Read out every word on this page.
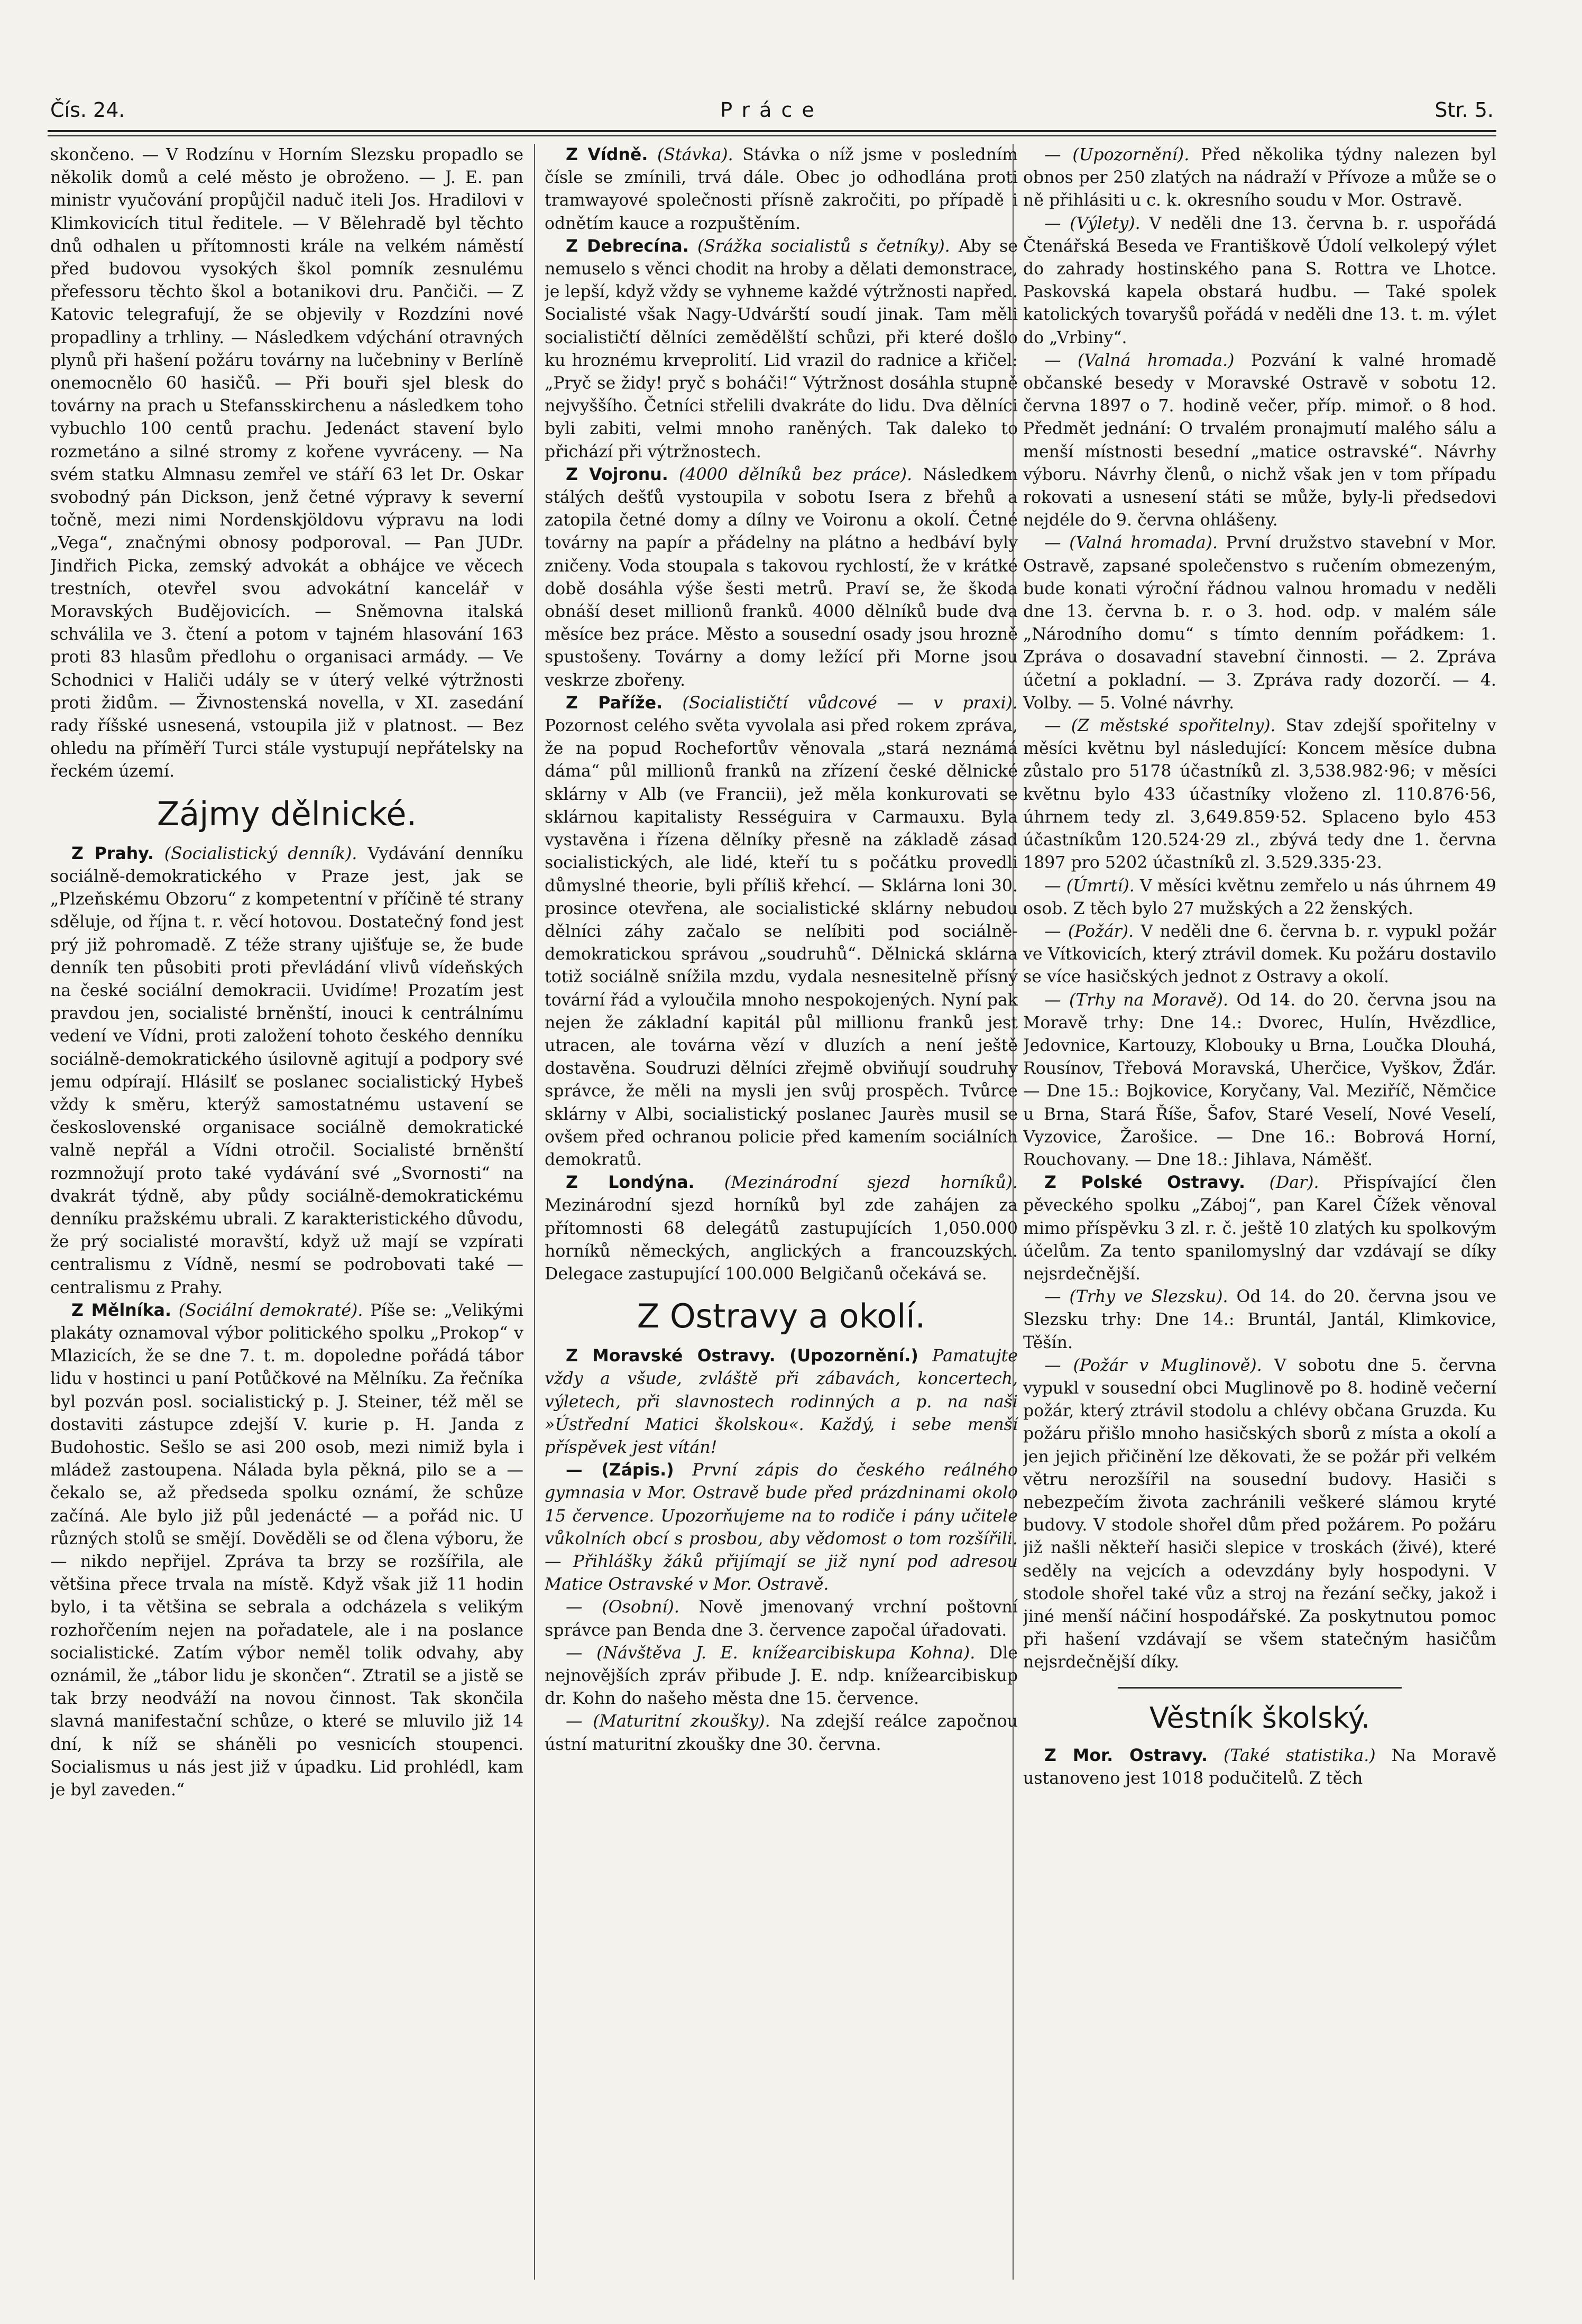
Čís. 24.	Práce	Str. 5.

skončeno. — V Rodzínu v Horním Slezsku propadlo se několik domů a celé město je obroženo. — J. E. pan ministr vyučování propůjčil naduč iteli Jos. Hradilovi v Klimkovicích titul ředitele. — V Bělehradě byl těchto dnů odhalen u přítomnosti krále na velkém náměstí před budovou vysokých škol pomník zesnulému přefessoru těchto škol a botanikovi dru. Pančiči. — Z Katovic telegrafují, že se objevily v Rozdzíni nové propadliny a trhliny. — Následkem vdýchání otravných plynů při hašení požáru továrny na lučebniny v Berlíně onemocnělo 60 hasičů. — Při bouři sjel blesk do továrny na prach u Stefansskirchenu a následkem toho vybuchlo 100 centů prachu. Jedenáct stavení bylo rozmetáno a silné stromy z kořene vyvráceny. — Na svém statku Almnasu zemřel ve stáří 63 let Dr. Oskar svobodný pán Dickson, jenž četné výpravy k severní točně, mezi nimi Nordenskjöldovu výpravu na lodi „Vega“, značnými obnosy podporoval. — Pan JUDr. Jindřich Picka, zemský advokát a obhájce ve věcech trestních, otevřel svou advokátní kancelář v Moravských Budějovicích. — Sněmovna italská schválila ve 3. čtení a potom v tajném hlasování 163 proti 83 hlasům předlohu o organisaci armády. — Ve Schodnici v Haliči udály se v úterý velké výtržnosti proti židům. — Živnostenská novella, v XI. zasedání rady říšské usnesená, vstoupila již v platnost. — Bez ohledu na příměří Turci stále vystupují nepřátelsky na řeckém území.

Zájmy dělnické.

Z Prahy. (Socialistický denník). Vydávání denníku sociálně-demokratického v Praze jest, jak se „Plzeňskému Obzoru“ z kompetentní v příčině té strany sděluje, od října t. r. věcí hotovou. Dostatečný fond jest prý již pohromadě. Z téže strany ujišťuje se, že bude denník ten působiti proti převládání vlivů vídeňských na české sociální demokracii. Uvidíme! Prozatím jest pravdou jen, socialisté brněnští, inouci k centrálnímu vedení ve Vídni, proti založení tohoto českého denníku sociálně-demokratického úsilovně agitují a podpory své jemu odpírají. Hlásilť se poslanec socialistický Hybeš vždy k směru, kterýž samostatnému ustavení se československé organisace sociálně demokratické valně nepřál a Vídni otročil. Socialisté brněnští rozmnožují proto také vydávání své „Svornosti“ na dvakrát týdně, aby půdy sociálně-demokratickému denníku pražskému ubrali. Z karakteristického důvodu, že prý socialisté moravští, když už mají se vzpírati centralismu z Vídně, nesmí se podrobovati také — centralismu z Prahy.

Z Mělníka. (Sociální demokraté). Píše se: „Velikými plakáty oznamoval výbor politického spolku „Prokop“ v Mlazicích, že se dne 7. t. m. dopoledne pořádá tábor lidu v hostinci u paní Potůčkové na Mělníku. Za řečníka byl pozván posl. socialistický p. J. Steiner, též měl se dostaviti zástupce zdejší V. kurie p. H. Janda z Budohostic. Sešlo se asi 200 osob, mezi nimiž byla i mládež zastoupena. Nálada byla pěkná, pilo se a — čekalo se, až předseda spolku oznámí, že schůze začíná. Ale bylo již půl jedenácté — a pořád nic. U různých stolů se smějí. Dověděli se od člena výboru, že — nikdo nepřijel. Zpráva ta brzy se rozšířila, ale většina přece trvala na místě. Když však již 11 hodin bylo, i ta většina se sebrala a odcházela s velikým rozhořčením nejen na pořadatele, ale i na poslance socialistické. Zatím výbor neměl tolik odvahy, aby oznámil, že „tábor lidu je skončen“. Ztratil se a jistě se tak brzy neodváží na novou činnost. Tak skončila slavná manifestační schůze, o které se mluvilo již 14 dní, k níž se sháněli po vesnicích stoupenci. Socialismus u nás jest již v úpadku. Lid prohlédl, kam je byl zaveden.“

Z Vídně. (Stávka). Stávka o níž jsme v posledním čísle se zmínili, trvá dále. Obec jo odhodlána proti tramwayové společnosti přísně zakročiti, po případě i odnětím kauce a rozpuštěním.

Z Debrecína. (Srážka socialistů s četníky). Aby se nemuselo s věnci chodit na hroby a dělati demonstrace, je lepší, když vždy se vyhneme každé výtržnosti napřed. Socialisté však Nagy-Udvárští soudí jinak. Tam měli socialističtí dělníci zemědělští schůzi, při které došlo ku hroznému krveprolití. Lid vrazil do radnice a křičel: „Pryč se židy! pryč s boháči!“ Výtržnost dosáhla stupně nejvyššího. Četníci střelili dvakráte do lidu. Dva dělníci byli zabiti, velmi mnoho raněných. Tak daleko to přichází při výtržnostech.

Z Vojronu. (4000 dělníků bez práce). Následkem stálých dešťů vystoupila v sobotu Isera z břehů a zatopila četné domy a dílny ve Voironu a okolí. Četné továrny na papír a přádelny na plátno a hedbáví byly zničeny. Voda stoupala s takovou rychlostí, že v krátké době dosáhla výše šesti metrů. Praví se, že škoda obnáší deset millionů franků. 4000 dělníků bude dva měsíce bez práce. Město a sousední osady jsou hrozně spustošeny. Továrny a domy ležící při Morne jsou veskrze zbořeny.

Z Paříže. (Socialističtí vůdcové — v praxi). Pozornost celého světa vyvolala asi před rokem zpráva, že na popud Rochefortův věnovala „stará neznámá dáma“ půl millionů franků na zřízení české dělnické sklárny v Alb (ve Francii), jež měla konkurovati se sklárnou kapitalisty Rességuira v Carmauxu. Byla vystavěna i řízena dělníky přesně na základě zásad socialistických, ale lidé, kteří tu s počátku provedli důmyslné theorie, byli příliš křehcí. — Sklárna loni 30. prosince otevřena, ale socialistické sklárny nebudou dělníci záhy začalo se nelíbiti pod sociálně-demokratickou správou „soudruhů“. Dělnická sklárna totiž sociálně snížila mzdu, vydala nesnesitelně přísný tovární řád a vyloučila mnoho nespokojených. Nyní pak nejen že základní kapitál půl millionu franků jest utracen, ale továrna vězí v dluzích a není ještě dostavěna. Soudruzi dělníci zřejmě obviňují soudruhy správce, že měli na mysli jen svůj prospěch. Tvůrce sklárny v Albi, socialistický poslanec Jaurès musil se ovšem před ochranou policie před kamením sociálních demokratů.

Z Londýna. (Mezinárodní sjezd horníků). Mezinárodní sjezd horníků byl zde zahájen za přítomnosti 68 delegátů zastupujících 1,050.000 horníků německých, anglických a francouzských. Delegace zastupující 100.000 Belgičanů očekává se.

Z Ostravy a okolí.

Z Moravské Ostravy. (Upozornění.) Pamatujte vždy a všude, zvláště při zábavách, koncertech, výletech, při slavnostech rodinných a p. na naši »Ústřední Matici školskou«. Každý, i sebe menší příspěvek jest vítán!

— (Zápis.) První zápis do českého reálného gymnasia v Mor. Ostravě bude před prázdninami okolo 15 července. Upozorňujeme na to rodiče i pány učitele vůkolních obcí s prosbou, aby vědomost o tom rozšířili. — Přihlášky žáků přijímají se již nyní pod adresou Matice Ostravské v Mor. Ostravě.

— (Osobní). Nově jmenovaný vrchní poštovní správce pan Benda dne 3. července započal úřadovati.

— (Návštěva J. E. knížearcibiskupa Kohna). Dle nejnovějších zpráv přibude J. E. ndp. knížearcibiskup dr. Kohn do našeho města dne 15. července.

— (Maturitní zkoušky). Na zdejší reálce započnou ústní maturitní zkoušky dne 30. června.

— (Upozornění). Před několika týdny nalezen byl obnos per 250 zlatých na nádraží v Přívoze a může se o ně přihlásiti u c. k. okresního soudu v Mor. Ostravě.

— (Výlety). V neděli dne 13. června b. r. uspořádá Čtenářská Beseda ve Františkově Údolí velkolepý výlet do zahrady hostinského pana S. Rottra ve Lhotce. Paskovská kapela obstará hudbu. — Také spolek katolických tovaryšů pořádá v neděli dne 13. t. m. výlet do „Vrbiny“.

— (Valná hromada.) Pozvání k valné hromadě občanské besedy v Moravské Ostravě v sobotu 12. června 1897 o 7. hodině večer, příp. mimoř. o 8 hod. Předmět jednání: O trvalém pronajmutí malého sálu a menší místnosti besední „matice ostravské“. Návrhy výboru. Návrhy členů, o nichž však jen v tom případu rokovati a usnesení státi se může, byly-li předsedovi nejdéle do 9. června ohlášeny.

— (Valná hromada). První družstvo stavební v Mor. Ostravě, zapsané společenstvo s ručením obmezeným, bude konati výroční řádnou valnou hromadu v neděli dne 13. června b. r. o 3. hod. odp. v malém sále „Národního domu“ s tímto denním pořádkem: 1. Zpráva o dosavadní stavební činnosti. — 2. Zpráva účetní a pokladní. — 3. Zpráva rady dozorčí. — 4. Volby. — 5. Volné návrhy.

— (Z městské spořitelny). Stav zdejší spořitelny v měsíci květnu byl následující: Koncem měsíce dubna zůstalo pro 5178 účastníků zl. 3,538.982·96; v měsíci květnu bylo 433 účastníky vloženo zl. 110.876·56, úhrnem tedy zl. 3,649.859·52. Splaceno bylo 453 účastníkům 120.524·29 zl., zbývá tedy dne 1. června 1897 pro 5202 účastníků zl. 3.529.335·23.

— (Úmrtí). V měsíci květnu zemřelo u nás úhrnem 49 osob. Z těch bylo 27 mužských a 22 ženských.

— (Požár). V neděli dne 6. června b. r. vypukl požár ve Vítkovicích, který ztrávil domek. Ku požáru dostavilo se více hasičských jednot z Ostravy a okolí.

— (Trhy na Moravě). Od 14. do 20. června jsou na Moravě trhy: Dne 14.: Dvorec, Hulín, Hvězdlice, Jedovnice, Kartouzy, Klobouky u Brna, Loučka Dlouhá, Rousínov, Třebová Moravská, Uherčice, Vyškov, Žďár. — Dne 15.: Bojkovice, Koryčany, Val. Meziříč, Němčice u Brna, Stará Říše, Šafov, Staré Veselí, Nové Veselí, Vyzovice, Žarošice. — Dne 16.: Bobrová Horní, Rouchovany. — Dne 18.: Jihlava, Náměšť.

Z Polské Ostravy. (Dar). Přispívající člen pěveckého spolku „Záboj“, pan Karel Čížek věnoval mimo příspěvku 3 zl. r. č. ještě 10 zlatých ku spolkovým účelům. Za tento spanilomyslný dar vzdávají se díky nejsrdečnější.

— (Trhy ve Slezsku). Od 14. do 20. června jsou ve Slezsku trhy: Dne 14.: Bruntál, Jantál, Klimkovice, Těšín.

— (Požár v Muglinově). V sobotu dne 5. června vypukl v sousední obci Muglinově po 8. hodině večerní požár, který ztrávil stodolu a chlévy občana Gruzda. Ku požáru přišlo mnoho hasičských sborů z místa a okolí a jen jejich přičinění lze děkovati, že se požár při velkém větru nerozšířil na sousední budovy. Hasiči s nebezpečím života zachránili veškeré slámou kryté budovy. V stodole shořel dům před požárem. Po požáru již našli někteří hasiči slepice v troskách (živé), které seděly na vejcích a odevzdány byly hospodyni. V stodole shořel také vůz a stroj na řezání sečky, jakož i jiné menší náčiní hospodářské. Za poskytnutou pomoc při hašení vzdávají se všem statečným hasičům nejsrdečnější díky.

Věstník školský.

Z Mor. Ostravy. (Také statistika.) Na Moravě ustanoveno jest 1018 podučitelů. Z těch
